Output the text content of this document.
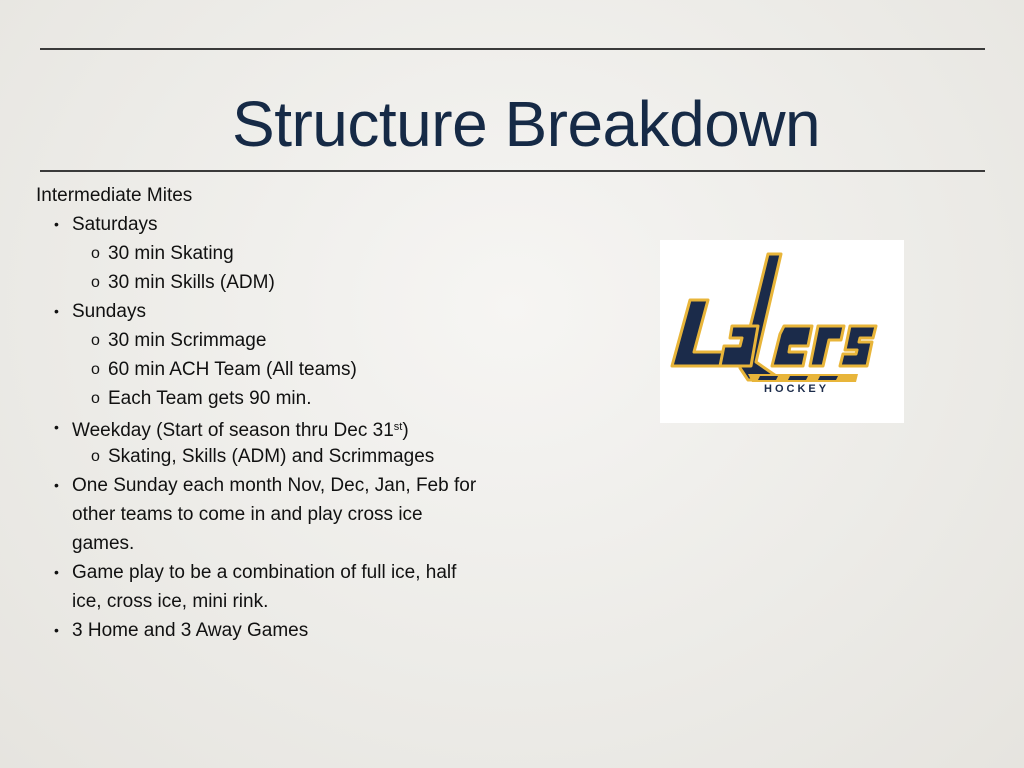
Structure Breakdown
Intermediate Mites
• Saturdays
o 30 min Skating
o 30 min Skills (ADM)
• Sundays
o 30 min Scrimmage
o 60 min ACH Team (All teams)
o Each Team gets 90 min.
• Weekday (Start of season thru Dec 31st)
o Skating, Skills (ADM) and Scrimmages
• One Sunday each month Nov, Dec, Jan, Feb for
other teams to come in and play cross ice
games.
• Game play to be a combination of full ice, half
ice, cross ice, mini rink.
• 3 Home and 3 Away Games
HOCKEY
